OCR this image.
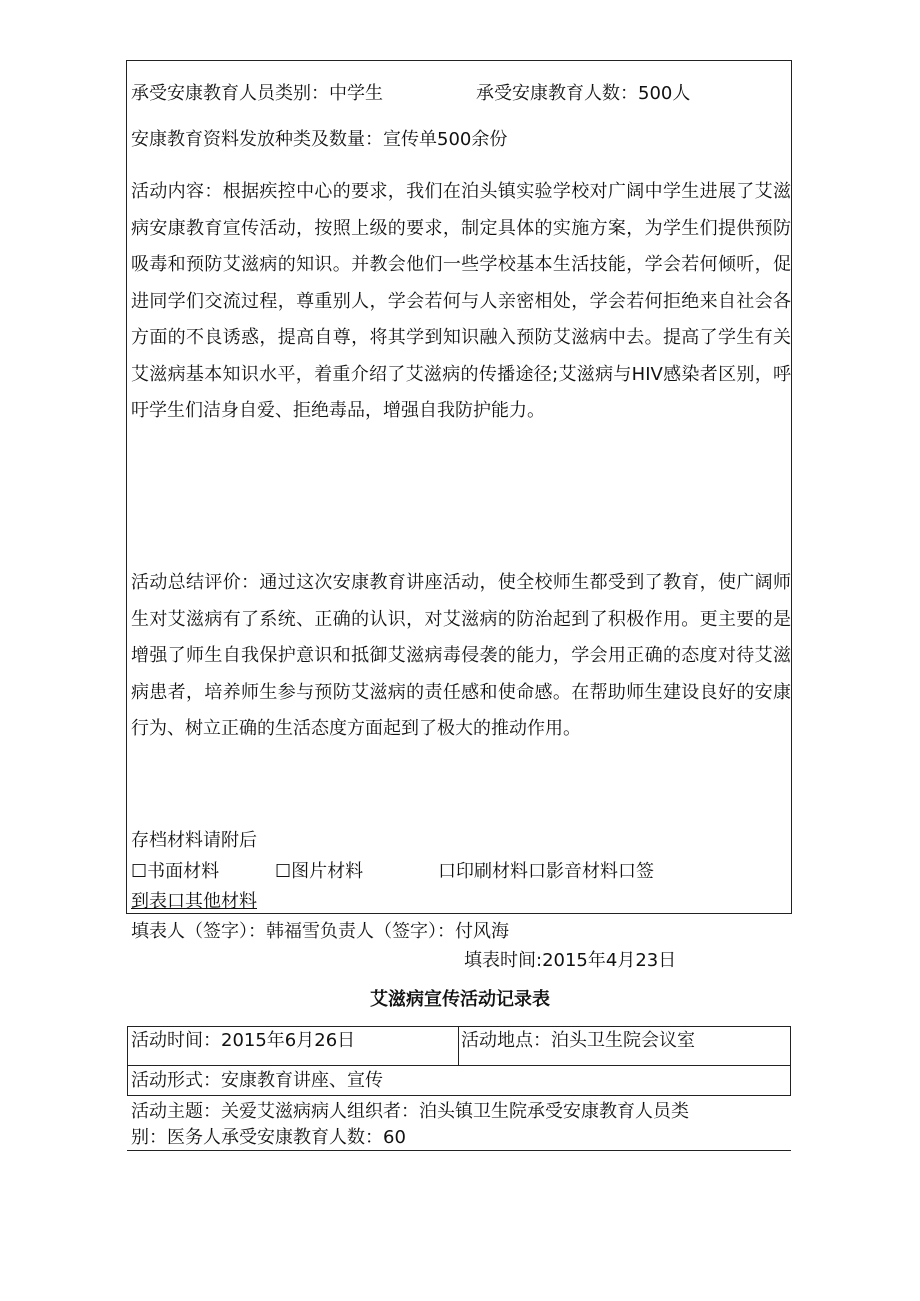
承受安康教育人员类别：中学生	承受安康教育人数：500人
安康教育资料发放种类及数量：宣传单500余份
活动内容：根据疾控中心的要求，我们在泊头镇实验学校对广阔中学生进展了艾滋病安康教育宣传活动，按照上级的要求，制定具体的实施方案，为学生们提供预防吸毒和预防艾滋病的知识。并教会他们一些学校基本生活技能，学会若何倾听，促进同学们交流过程，尊重别人，学会若何与人亲密相处，学会若何拒绝来自社会各方面的不良诱惑，提高自尊，将其学到知识融入预防艾滋病中去。提高了学生有关艾滋病基本知识水平，着重介绍了艾滋病的传播途径;艾滋病与HIV感染者区别，呼吁学生们洁身自爱、拒绝毒品，增强自我防护能力。
活动总结评价：通过这次安康教育讲座活动，使全校师生都受到了教育，使广阔师生对艾滋病有了系统、正确的认识，对艾滋病的防治起到了积极作用。更主要的是增强了师生自我保护意识和抵御艾滋病毒侵袭的能力，学会用正确的态度对待艾滋病患者，培养师生参与预防艾滋病的责任感和使命感。在帮助师生建设良好的安康行为、树立正确的生活态度方面起到了极大的推动作用。
存档材料请附后
☐书面材料	☐图片材料	口印刷材料口影音材料口签
到表口其他材料
填表人（签字）：韩福雪负责人（签字）：付风海
填表时间:2015年4月23日
艾滋病宣传活动记录表
活动时间：2015年6月26日	活动地点：泊头卫生院会议室
活动形式：安康教育讲座、宣传
活动主题：关爱艾滋病病人组织者：泊头镇卫生院承受安康教育人员类
别：医务人承受安康教育人数：60
